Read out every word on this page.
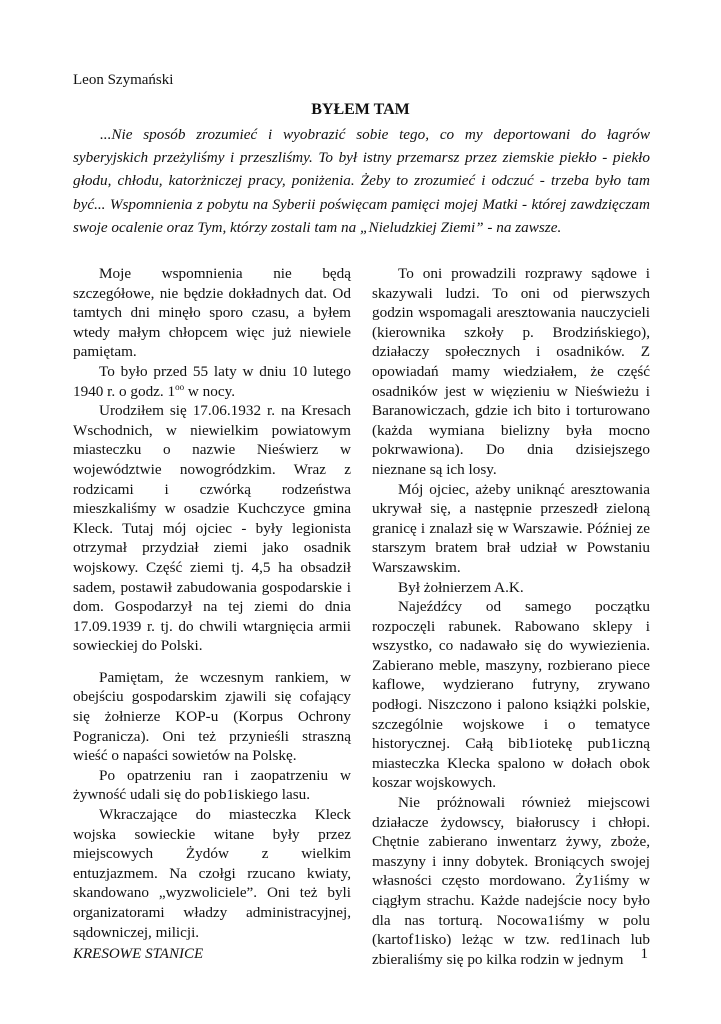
Leon Szymański
BYŁEM TAM

...Nie sposób zrozumieć i wyobrazić sobie tego, co my deportowani do łagrów syberyjskich przeżyliśmy i przeszliśmy. To był istny przemarsz przez ziemskie piekło - piekło głodu, chłodu, katorżniczej pracy, poniżenia. Żeby to zrozumieć i odczuć - trzeba było tam być... Wspomnienia z pobytu na Syberii poświęcam pamięci mojej Matki - której zawdzięczam swoje ocalenie oraz Tym, którzy zostali tam na „Nieludzkiej Ziemi” - na zawsze.

Moje wspomnienia nie będą szczegółowe, nie będzie dokładnych dat. Od tamtych dni minęło sporo czasu, a byłem wtedy małym chłopcem więc już niewiele pamiętam.

To było przed 55 laty w dniu 10 lutego 1940 r. o godz. $1^{oo}$ w nocy.

Urodziłem się 17.06.1932 r. na Kresach Wschodnich, w niewielkim powiatowym miasteczku o nazwie Nieświerz w województwie nowogródzkim. Wraz z rodzicami i czwórką rodzeństwa mieszkaliśmy w osadzie Kuchczyce gmina Kleck. Tutaj mój ojciec - były legionista otrzymał przydział ziemi jako osadnik wojskowy. Część ziemi tj. 4,5 ha obsadził sadem, postawił zabudowania gospodarskie i dom. Gospodarzył na tej ziemi do dnia 17.09.1939 r. tj. do chwili wtargnięcia armii sowieckiej do Polski.

Pamiętam, że wczesnym rankiem, w obejściu gospodarskim zjawili się cofający się żołnierze KOP-u (Korpus Ochrony Pogranicza). Oni też przynieśli straszną wieść o napaści sowietów na Polskę.

Po opatrzeniu ran i zaopatrzeniu w żywność udali się do pob1iskiego lasu.

Wkraczające do miasteczka Kleck wojska sowieckie witane były przez miejscowych Żydów z wielkim entuzjazmem. Na czołgi rzucano kwiaty, skandowano „wyzwoliciele”. Oni też byli organizatorami władzy administracyjnej, sądowniczej, milicji.

To oni prowadzili rozprawy sądowe i skazywali ludzi. To oni od pierwszych godzin wspomagali aresztowania nauczycieli (kierownika szkoły p. Brodzińskiego), działaczy społecznych i osadników. Z opowiadań mamy wiedziałem, że część osadników jest w więzieniu w Nieświeżu i Baranowiczach, gdzie ich bito i torturowano (każda wymiana bielizny była mocno pokrwawiona). Do dnia dzisiejszego nieznane są ich losy.

Mój ojciec, ażeby uniknąć aresztowania ukrywał się, a następnie przeszedł zieloną granicę i znalazł się w Warszawie. Później ze starszym bratem brał udział w Powstaniu Warszawskim.

Był żołnierzem A.K.

Najeźdźcy od samego początku rozpoczęli rabunek. Rabowano sklepy i wszystko, co nadawało się do wywiezienia. Zabierano meble, maszyny, rozbierano piece kaflowe, wydzierano futryny, zrywano podłogi. Niszczono i palono książki polskie, szczególnie wojskowe i o tematyce historycznej. Całą bib1iotekę pub1iczną miasteczka Klecka spalono w dołach obok koszar wojskowych.

Nie próżnowali również miejscowi działacze żydowscy, białoruscy i chłopi. Chętnie zabierano inwentarz żywy, zboże, maszyny i inny dobytek. Broniących swojej własności często mordowano. Ży1iśmy w ciągłym strachu. Każde nadejście nocy było dla nas torturą. Nocowa1iśmy w polu (kartof1isko) leżąc w tzw. red1inach lub zbieraliśmy się po kilka rodzin w jednym

KRESOWE STANICE	1
